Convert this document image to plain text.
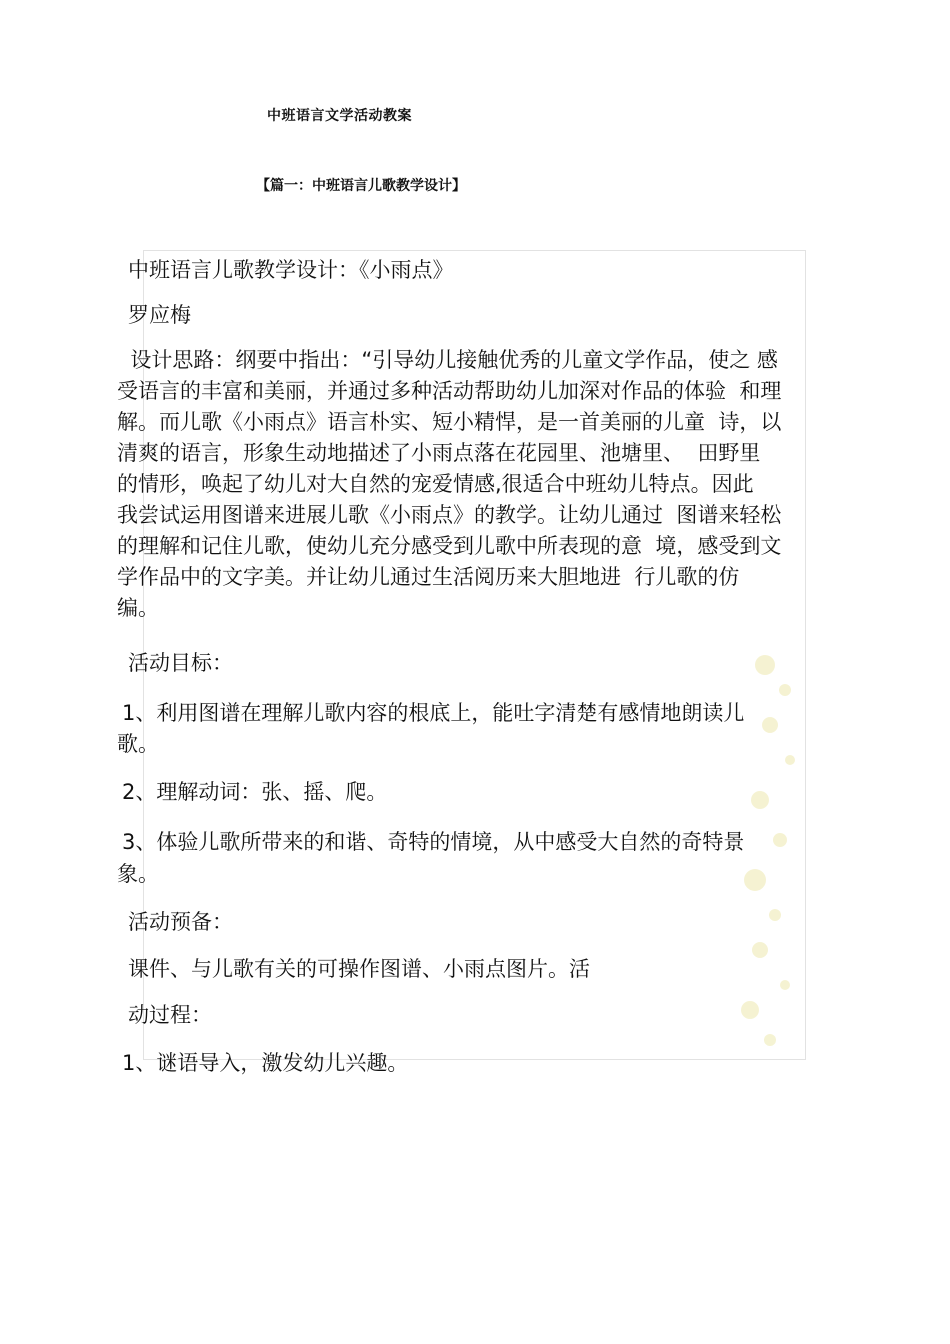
中班语言文学活动教案
【篇一：中班语言儿歌教学设计】
中班语言儿歌教学设计：《小雨点》
罗应梅
设计思路：纲要中指出：“引导幼儿接触优秀的儿童文学作品，使之 感
受语言的丰富和美丽，并通过多种活动帮助幼儿加深对作品的体验  和理
解。而儿歌《小雨点》语言朴实、短小精悍，是一首美丽的儿童  诗，以
清爽的语言，形象生动地描述了小雨点落在花园里、池塘里、  田野里
的情形，唤起了幼儿对大自然的宠爱情感,很适合中班幼儿特点。因此
我尝试运用图谱来进展儿歌《小雨点》的教学。让幼儿通过  图谱来轻松
的理解和记住儿歌，使幼儿充分感受到儿歌中所表现的意  境，感受到文
学作品中的文字美。并让幼儿通过生活阅历来大胆地进  行儿歌的仿
编。
活动目标：
1、利用图谱在理解儿歌内容的根底上，能吐字清楚有感情地朗读儿
歌。
2、理解动词：张、摇、爬。
3、体验儿歌所带来的和谐、奇特的情境，从中感受大自然的奇特景
象。
活动预备：
课件、与儿歌有关的可操作图谱、小雨点图片。活
动过程：
1、谜语导入，激发幼儿兴趣。
